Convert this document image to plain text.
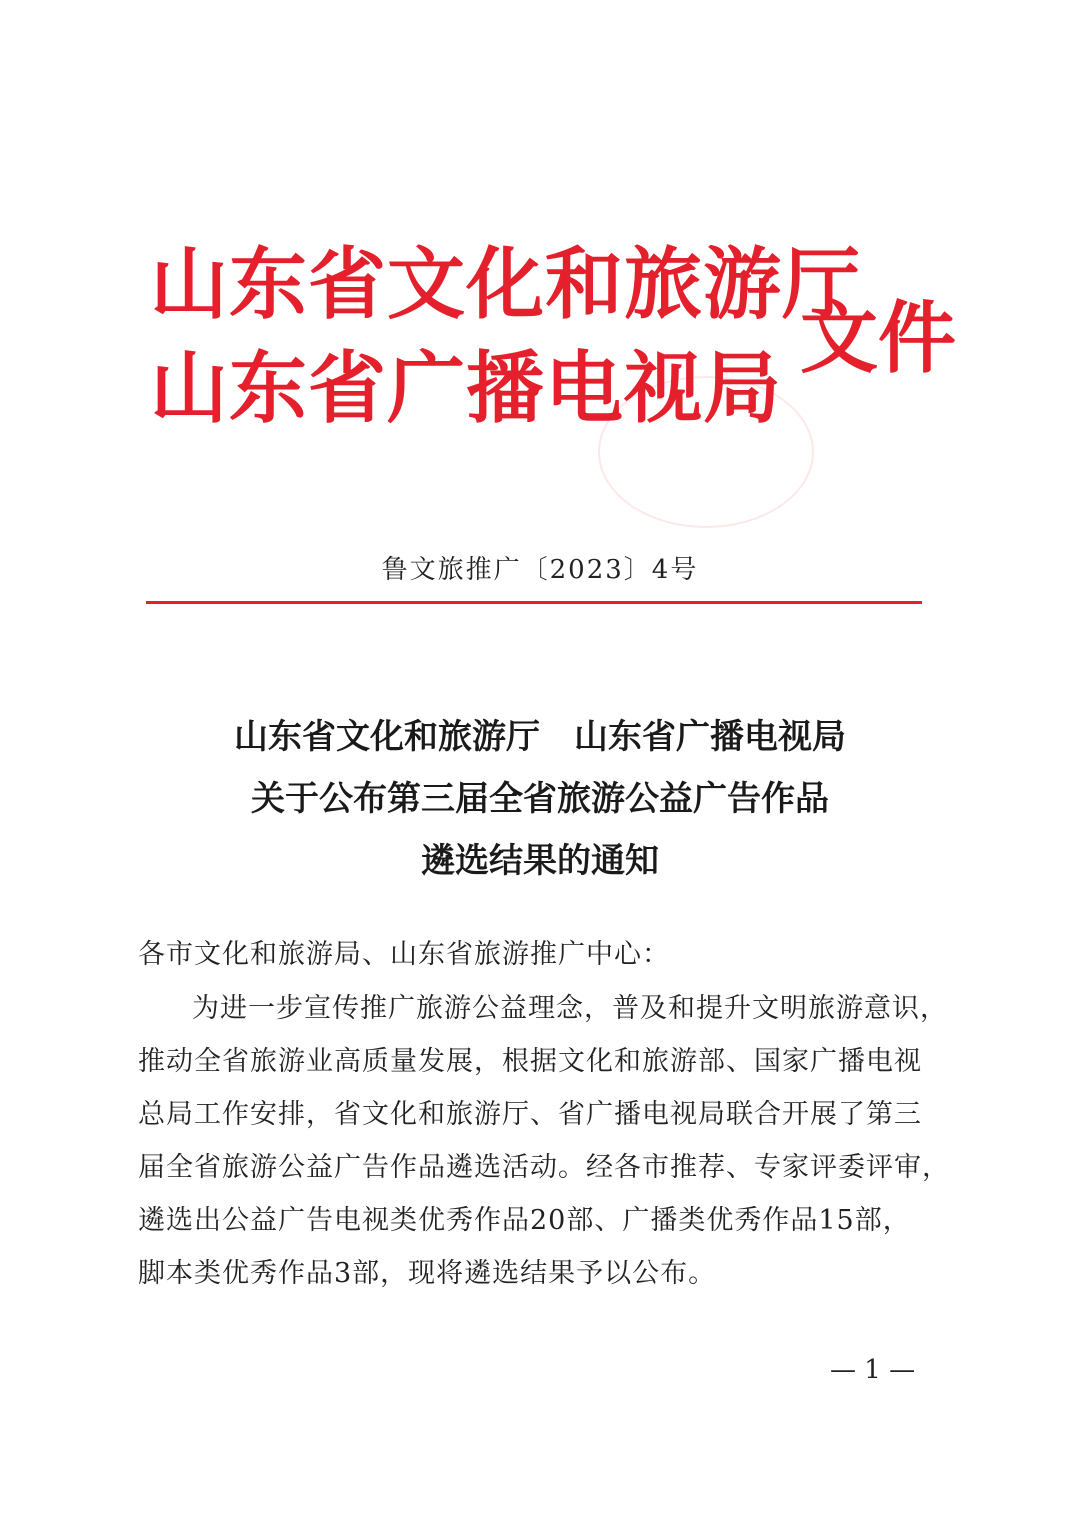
山东省文化和旅游厅
山东省广播电视局
文件
鲁文旅推广〔2023〕4号
山东省文化和旅游厅　山东省广播电视局
关于公布第三届全省旅游公益广告作品
遴选结果的通知
各市文化和旅游局、山东省旅游推广中心：
为进一步宣传推广旅游公益理念，普及和提升文明旅游意识，
推动全省旅游业高质量发展，根据文化和旅游部、国家广播电视
总局工作安排，省文化和旅游厅、省广播电视局联合开展了第三
届全省旅游公益广告作品遴选活动。经各市推荐、专家评委评审，
遴选出公益广告电视类优秀作品20部、广播类优秀作品15部，
脚本类优秀作品3部，现将遴选结果予以公布。
— 1 —
